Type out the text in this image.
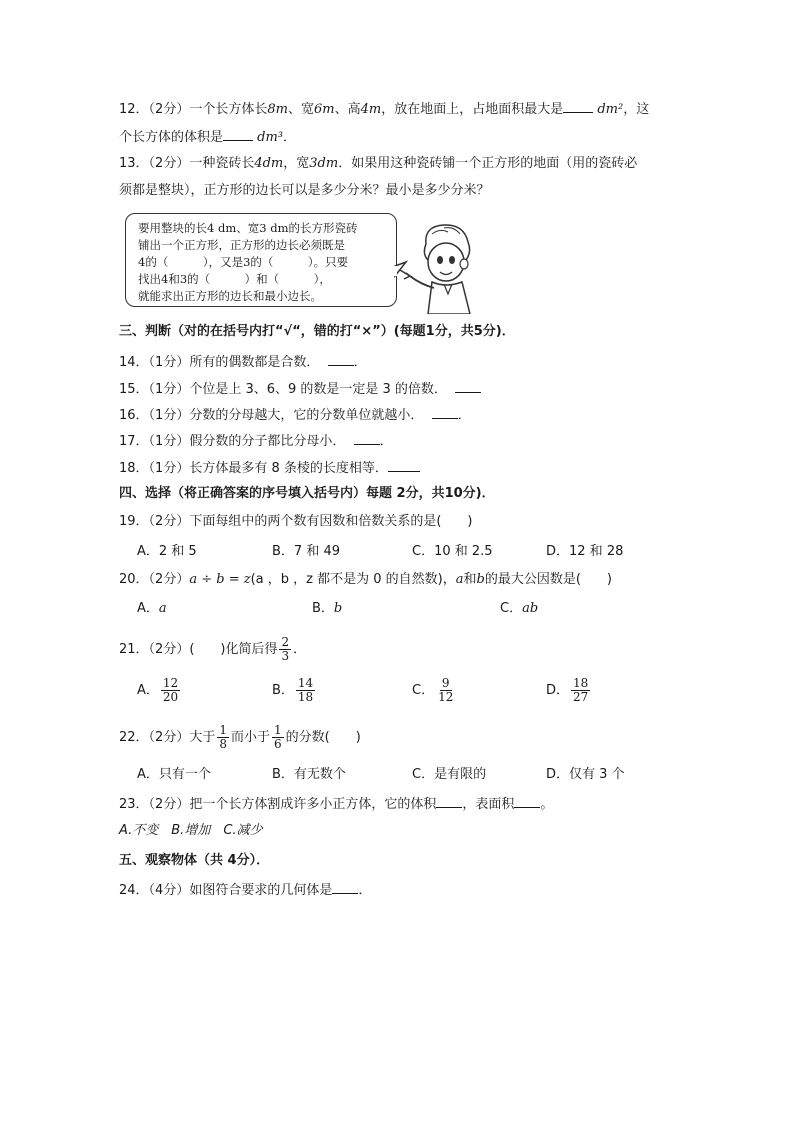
12．（2分）一个长方体长8m、宽6m、高4m，放在地面上，占地面积最大是	dm²，这
个长方体的体积是	dm³．
13．（2分）一种瓷砖长4dm，宽3dm．如果用这种瓷砖铺一个正方形的地面（用的瓷砖必
须都是整块），正方形的边长可以是多少分米？最小是多少分米？
要用整块的长4 dm、宽3 dm的长方形瓷砖
铺出一个正方形，正方形的边长必须既是
4的（　　　），又是3的（　　　）。只要
找出4和3的（　　　）和（　　　），
就能求出正方形的边长和最小边长。
三、判断（对的在括号内打“√“，错的打“×”）(每题1分，共5分)．
14．（1分）所有的偶数都是合数．	．
15．（1分）个位是上 3、6、9 的数是一定是 3 的倍数．
16．（1分）分数的分母越大，它的分数单位就越小．	．
17．（1分）假分数的分子都比分母小．	．
18．（1分）长方体最多有 8 条棱的长度相等．
四、选择（将正确答案的序号填入括号内）每题 2分，共10分)．
19．（2分）下面每组中的两个数有因数和倍数关系的是(　　)
A．2 和 5	B．7 和 49	C．10 和 2.5	D．12 和 28
20．（2分）a ÷ b = z(a ，b ，z 都不是为 0 的自然数)，a和b的最大公因数是(　　)
A．a	B．b	C．ab
21．（2分）(　　)化简后得 $\frac{2}{3}$ ．
A． $\frac{12}{20}$	B． $\frac{14}{18}$	C． $\frac{9}{12}$	D． $\frac{18}{27}$
22．（2分）大于 $\frac{1}{8}$ 而小于 $\frac{1}{6}$ 的分数(　　)
A．只有一个	B．有无数个	C．是有限的	D．仅有 3 个
23．（2分）把一个长方体割成许多小正方体，它的体积 ，表面积 。
A.不变　B.增加　C.减少
五、观察物体（共 4分）．
24．（4分）如图符合要求的几何体是 ．
